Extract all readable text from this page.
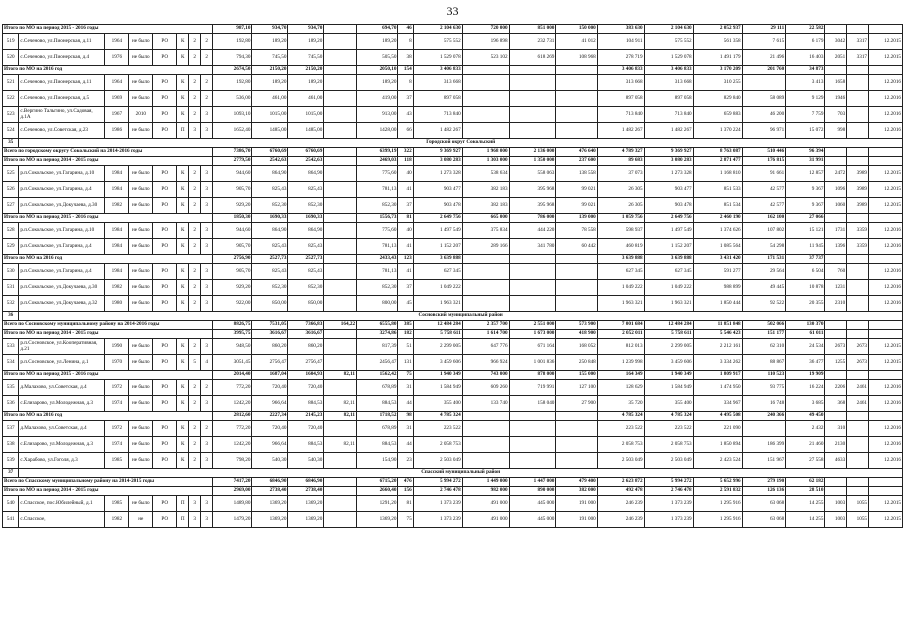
33
Итого по МО на период 2015 - 2016 годы								987,10	934,70	934,70		694,70	46	2 104 630	720 000	851 000	150 000	383 630	2 104 630	2 052 937	29 111	22 582			
519	с.Сеченово, ул.Пионерская, д.11	1964	не было	РО	К	2	2	192,80	189,20	189,20		189,20	8	575 552	196 898	232 731	41 012	104 911	575 552	561 358	7 615	6 179	3042	3317	12.2015
520	с.Сеченово, ул.Пионерская, д.4	1976	не было	РО	К	2	2	794,30	745,50	745,50		505,50	38	1 529 078	523 102	618 269	108 968	278 719	1 529 078	1 491 179	21 496	16 403	2051	3317	12.2015
Итого по МО на 2016 год								2674,50	2150,20	2150,20		2050,10	154	3 406 833				3 406 833	3 406 833	3 170 209	201 760	34 873			
521	с.Сеченово, ул.Пионерская, д.11	1964	не было	РО	К	2	2	192,80	189,20	189,20		189,20	8	313 668				313 668	313 668	310 255		3 413	1658		12.2016
522	с.Сеченово, ул.Пионерская, д.5	1969	не было	РО	К	2	2	536,00	461,00	461,00		419,00	37	897 058				897 058	897 058	829 840	58 089	9 129	1946		12.2016
523	с.Вергино Тальгино, ул.Садовая, д.1А	1967	2010	РО	К	2	3	1093,10	1015,00	1015,00		913,00	43	713 840				713 840	713 840	659 883	46 200	7 759	703		12.2016
524	с.Сеченово, ул.Советская, д.23	1986	не было	РО	П	3	3	1652,40	1485,00	1485,00		1428,00	66	1 482 267				1 482 267	1 482 267	1 370 224	96 971	15 072	998		12.2016
35	Городской округ Сокольский																								
Всего по городскому округу Сокольский на 2014-2016 годы								7386,70	6760,69	6760,69		6399,19	322	9 369 927	1 968 000	2 136 000	476 640	4 789 327	9 369 927	8 763 087	510 446	96 394			
Итого по МО на период 2014 - 2015 годы								2779,50	2542,63	2542,63		2469,03	118	3 080 283	1 303 000	1 350 000	237 600	89 683	3 080 283	2 871 477	176 815	31 991			
525	р.п.Сокольское, ул.Гагарина, д.10	1984	не было	РО	К	2	3	944,60	864,90	864,90		775,60	40	1 273 328	538 634	558 063	138 558	37 073	1 273 328	1 168 810	91 661	12 857	2472	3989	12.2015
526	р.п.Сокольское, ул.Гагарина, д.4	1984	не было	РО	К	2	3	905,70	825,43	825,43		781,13	41	903 477	382 183	395 968	99 021	26 305	903 477	851 533	42 577	9 367	1096	3989	12.2015
527	р.п.Сокольское, ул.Докучаева, д.30	1982	не было	РО	К	2	3	929,20	852,30	852,30		852,30	37	903 478	382 183	395 968	99 021	26 305	903 478	851 534	42 577	9 367	1060	3989	12.2015
Итого по МО на период 2015 - 2016 годы								1850,30	1690,33	1690,33		1556,73	81	2 649 756	665 000	786 000	139 000	1 059 756	2 649 756	2 460 190	162 100	27 066			
528	р.п.Сокольское, ул.Гагарина, д.10	1984	не было	РО	К	2	3	944,60	864,90	864,90		775,60	40	1 497 549	375 834	444 220	78 558	598 937	1 497 549	1 374 626	107 802	15 121	1731	3359	12.2016
529	р.п.Сокольское, ул.Гагарина, д.4	1984	не было	РО	К	2	3	905,70	825,43	825,43		781,13	41	1 152 207	289 166	341 780	60 442	460 819	1 152 207	1 085 564	54 298	11 945	1396	3359	12.2016
Итого по МО на 2016 год								2756,90	2527,73	2527,73		2433,43	123	3 639 888				3 639 888	3 639 888	3 431 420	171 531	37 737			
530	р.п.Сокольское, ул.Гагарина, д.4	1984	не было	РО	К	2	3	905,70	825,43	825,43		781,13	41	627 345				627 345	627 345	591 277	29 564	6 504	760		12.2016
531	р.п.Сокольское, ул.Докучаева, д.30	1982	не было	РО	К	2	3	929,20	852,30	852,30		852,30	37	1 049 222				1 049 222	1 049 222	988 899	49 445	10 878	1231		12.2016
532	р.п.Сокольское, ул.Докучаева, д.32	1980	не было	РО	К	2	3	922,00	850,00	850,00		800,00	45	1 963 321				1 963 321	1 963 321	1 850 444	92 522	20 355	2310		12.2016
36	Сосновский муниципальный район																								
Всего по Сосновскому муниципальному району на 2014-2016 годы								8826,75	7531,05	7366,83	164,22	6555,80	385	12 484 284	2 357 700	2 551 000	573 900	7 001 684	12 484 284	11 851 848	502 066	130 370			
Итого по МО на период 2014 - 2015 годы								3995,75	3616,67	3616,67		3274,86	182	5 758 611	1 614 700	1 673 000	418 900	2 052 011	5 758 611	5 546 423	151 177	61 011			
533	р.п.Сосновское, ул.Кооперативная, д.21	1990	не было	РО	К	2	3	948,50	860,20	860,20		817,39	51	2 299 005	647 776	671 164	168 052	812 013	2 299 005	2 212 161	62 310	24 534	2673	2673	12.2015
534	р.п.Сосновское, ул.Ленина, д.1	1970	не было	РО	К	5	4	3051,45	2756,47	2756,47		2456,47	131	3 459 606	966 924	1 001 836	250 848	1 239 998	3 459 606	3 334 262	88 867	36 477	1255	2673	12.2015
Итого по МО на период 2015 - 2016 годы								2014,40	1687,04	1604,93	82,11	1562,42	75	1 940 349	743 000	878 000	155 000	164 349	1 940 349	1 809 917	110 523	19 909			
535	д.Малахово, ул.Советская, д.4	1972	не было	РО	К	2	2	772,20	720,40	720,40		678,89	31	1 584 949	609 260	719 991	127 100	128 629	1 584 949	1 474 950	93 775	16 224	2206	2461	12.2016
536	с.Елизарово, ул.Молодежная, д.3	1974	не было	РО	К	2	3	1242,20	966,64	884,53	82,11	884,53	44	355 400	133 740	158 040	27 900	35 720	355 400	334 967	16 748	3 685	368	2461	12.2016
Итого по МО на 2016 год								2812,60	2227,34	2145,23	82,11	1718,52	98	4 785 324				4 785 324	4 785 324	4 495 508	240 366	49 450			
537	д.Малахово, ул.Советская, д.4	1972	не было	РО	К	2	2	772,20	720,40	720,40		678,89	31	223 522				223 522	223 522	221 090		2 432	310		12.2016
538	с.Елизарово, ул.Молодежная, д.3	1974	не было	РО	К	2	3	1242,20	966,64	884,53	82,11	884,53	44	2 058 753				2 058 753	2 058 753	1 850 894	186 399	21 460	2130		12.2016
539	с.Харабово, ул.Гоголя, д.3	1985	не было	РО	К	2	3	798,20	540,30	540,30		154,90	23	2 503 049				2 503 049	2 503 049	2 423 524	151 967	27 558	4633		12.2016
37	Спасский муниципальный район																								
Всего по Спасскому муниципальному району на 2014-2015 годы								7417,20	6846,90	6846,90		6715,20	476	5 994 272	1 449 000	1 447 000	479 400	2 623 872	5 994 272	5 652 996	279 190	62 182			
Итого по МО на период 2014 - 2015 годы								2969,00	2738,40	2738,40		2660,40	156	2 746 478	982 000	890 000	382 000	492 478	2 746 478	2 591 832	126 136	28 510			
540	с.Спасское, пос.Юбилейный, д.1	1985	не было	РО	П	3	3	1489,80	1369,20	1369,20		1291,20	81	1 373 239	491 000	445 000	191 000	246 239	1 373 239	1 295 916	63 068	14 255	1003	1055	12.2015
541	с.Спасское,	1982	не	РО	П	3	3	1479,20	1369,20	1369,20		1369,20	75	1 373 239	491 000	445 000	191 000	246 239	1 373 239	1 295 916	63 068	14 255	1003	1055	12.2015
